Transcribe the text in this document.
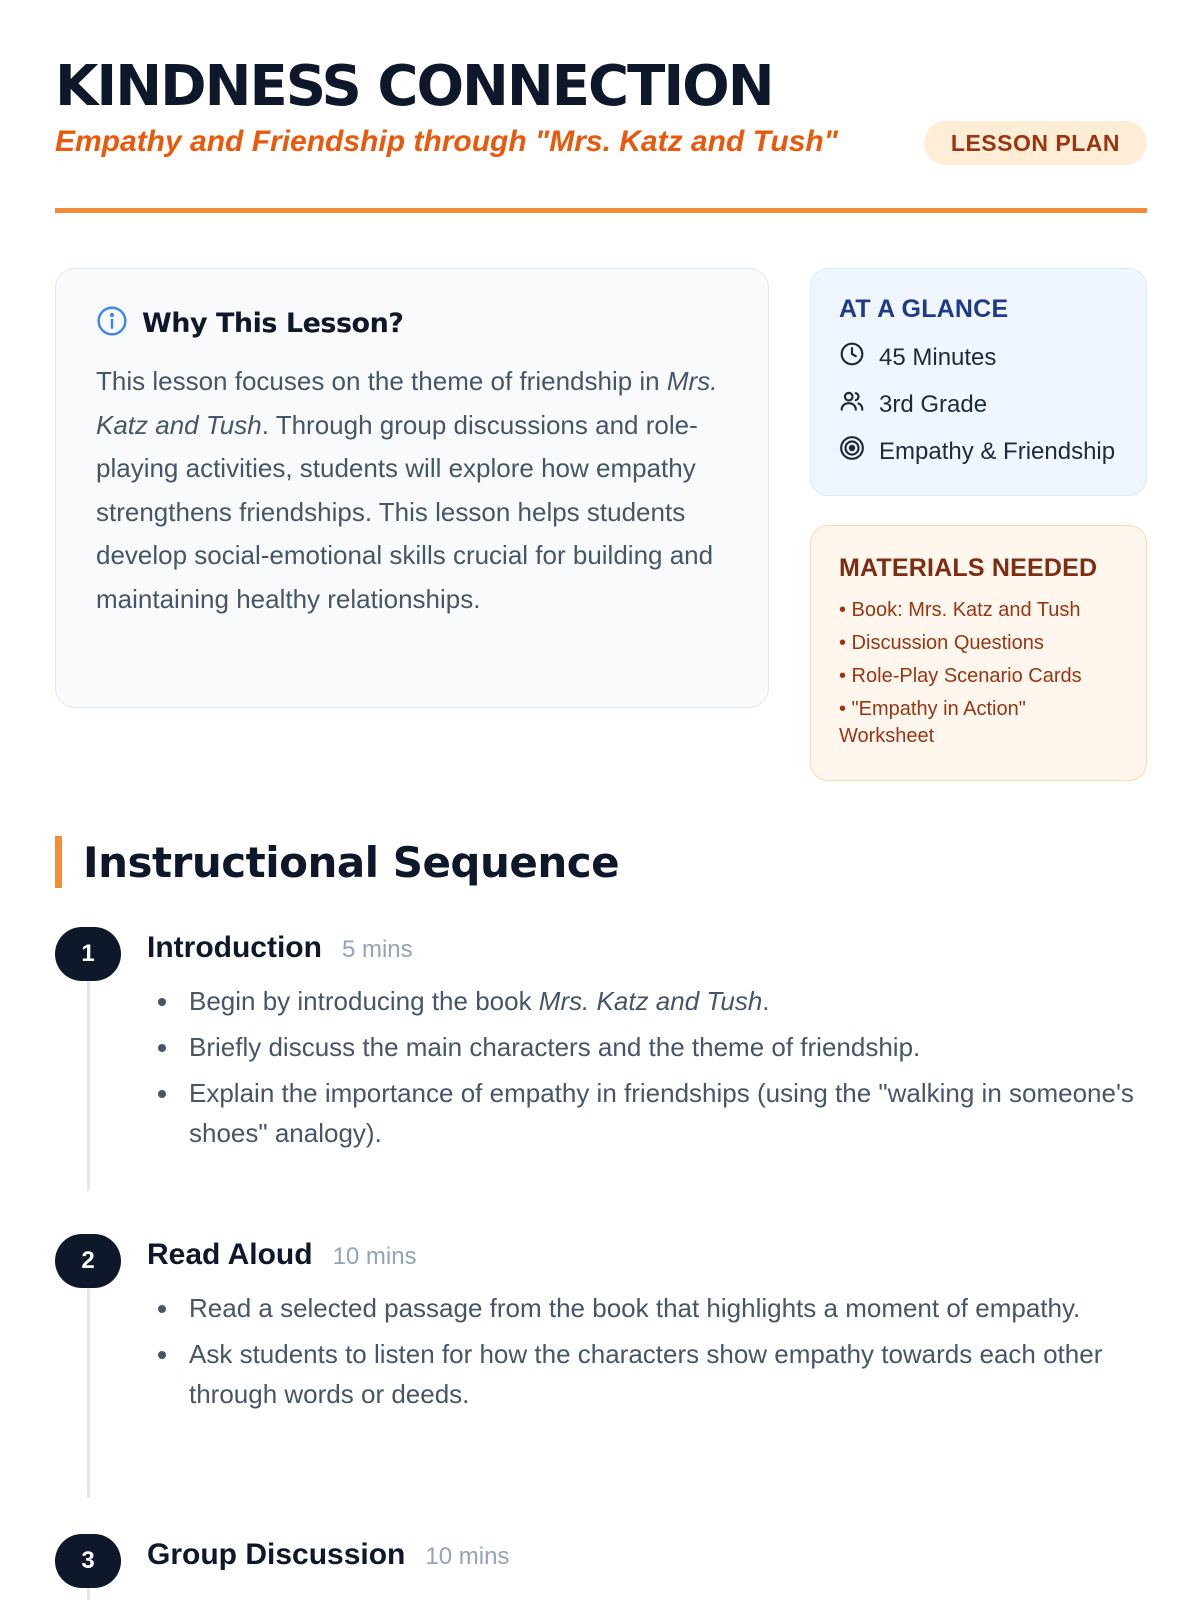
KINDNESS CONNECTION

Empathy and Friendship through "Mrs. Katz and Tush"	LESSON PLAN
Why This Lesson?

This lesson focuses on the theme of friendship in Mrs. Katz and Tush. Through group discussions and role-playing activities, students will explore how empathy strengthens friendships. This lesson helps students develop social-emotional skills crucial for building and maintaining healthy relationships.

AT A GLANCE
45 Minutes
3rd Grade
Empathy & Friendship
MATERIALS NEEDED
• Book: Mrs. Katz and Tush
• Discussion Questions
• Role-Play Scenario Cards
• "Empathy in Action" Worksheet
Instructional Sequence
1	Introduction 5 mins
• Begin by introducing the book Mrs. Katz and Tush.
• Briefly discuss the main characters and the theme of friendship.
• Explain the importance of empathy in friendships (using the "walking in someone's shoes" analogy).
2	Read Aloud 10 mins
• Read a selected passage from the book that highlights a moment of empathy.
• Ask students to listen for how the characters show empathy towards each other through words or deeds.
3	Group Discussion 10 mins
